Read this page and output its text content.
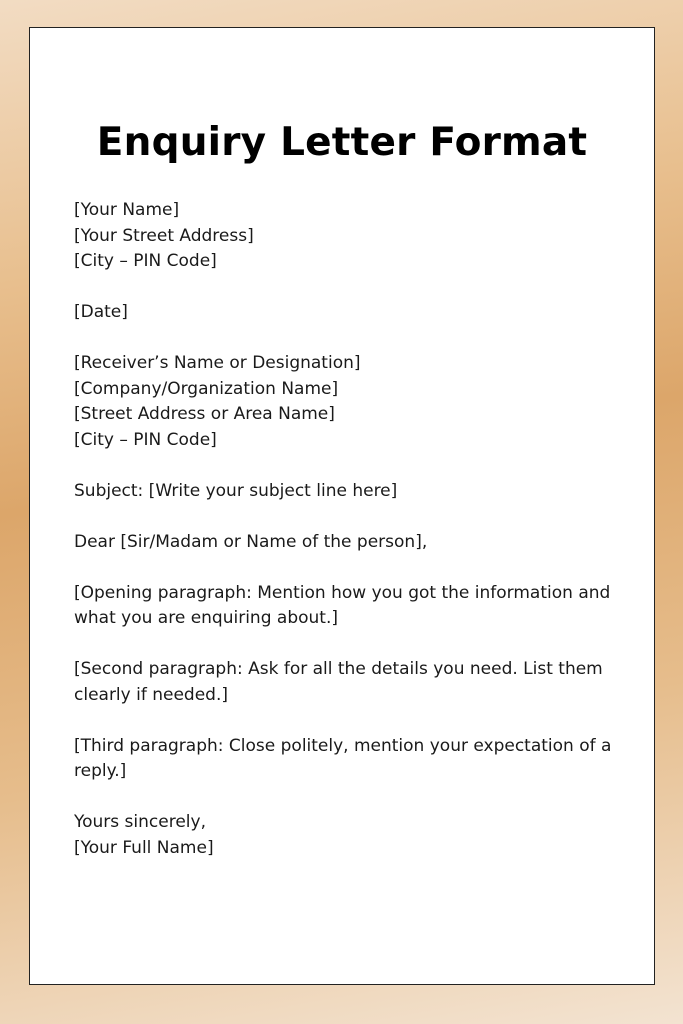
Enquiry Letter Format
[Your Name]
[Your Street Address]
[City – PIN Code]
[Date]
[Receiver’s Name or Designation]
[Company/Organization Name]
[Street Address or Area Name]
[City – PIN Code]
Subject: [Write your subject line here]
Dear [Sir/Madam or Name of the person],
[Opening paragraph: Mention how you got the information and what you are enquiring about.]
[Second paragraph: Ask for all the details you need. List them clearly if needed.]
[Third paragraph: Close politely, mention your expectation of a reply.]
Yours sincerely,
[Your Full Name]
